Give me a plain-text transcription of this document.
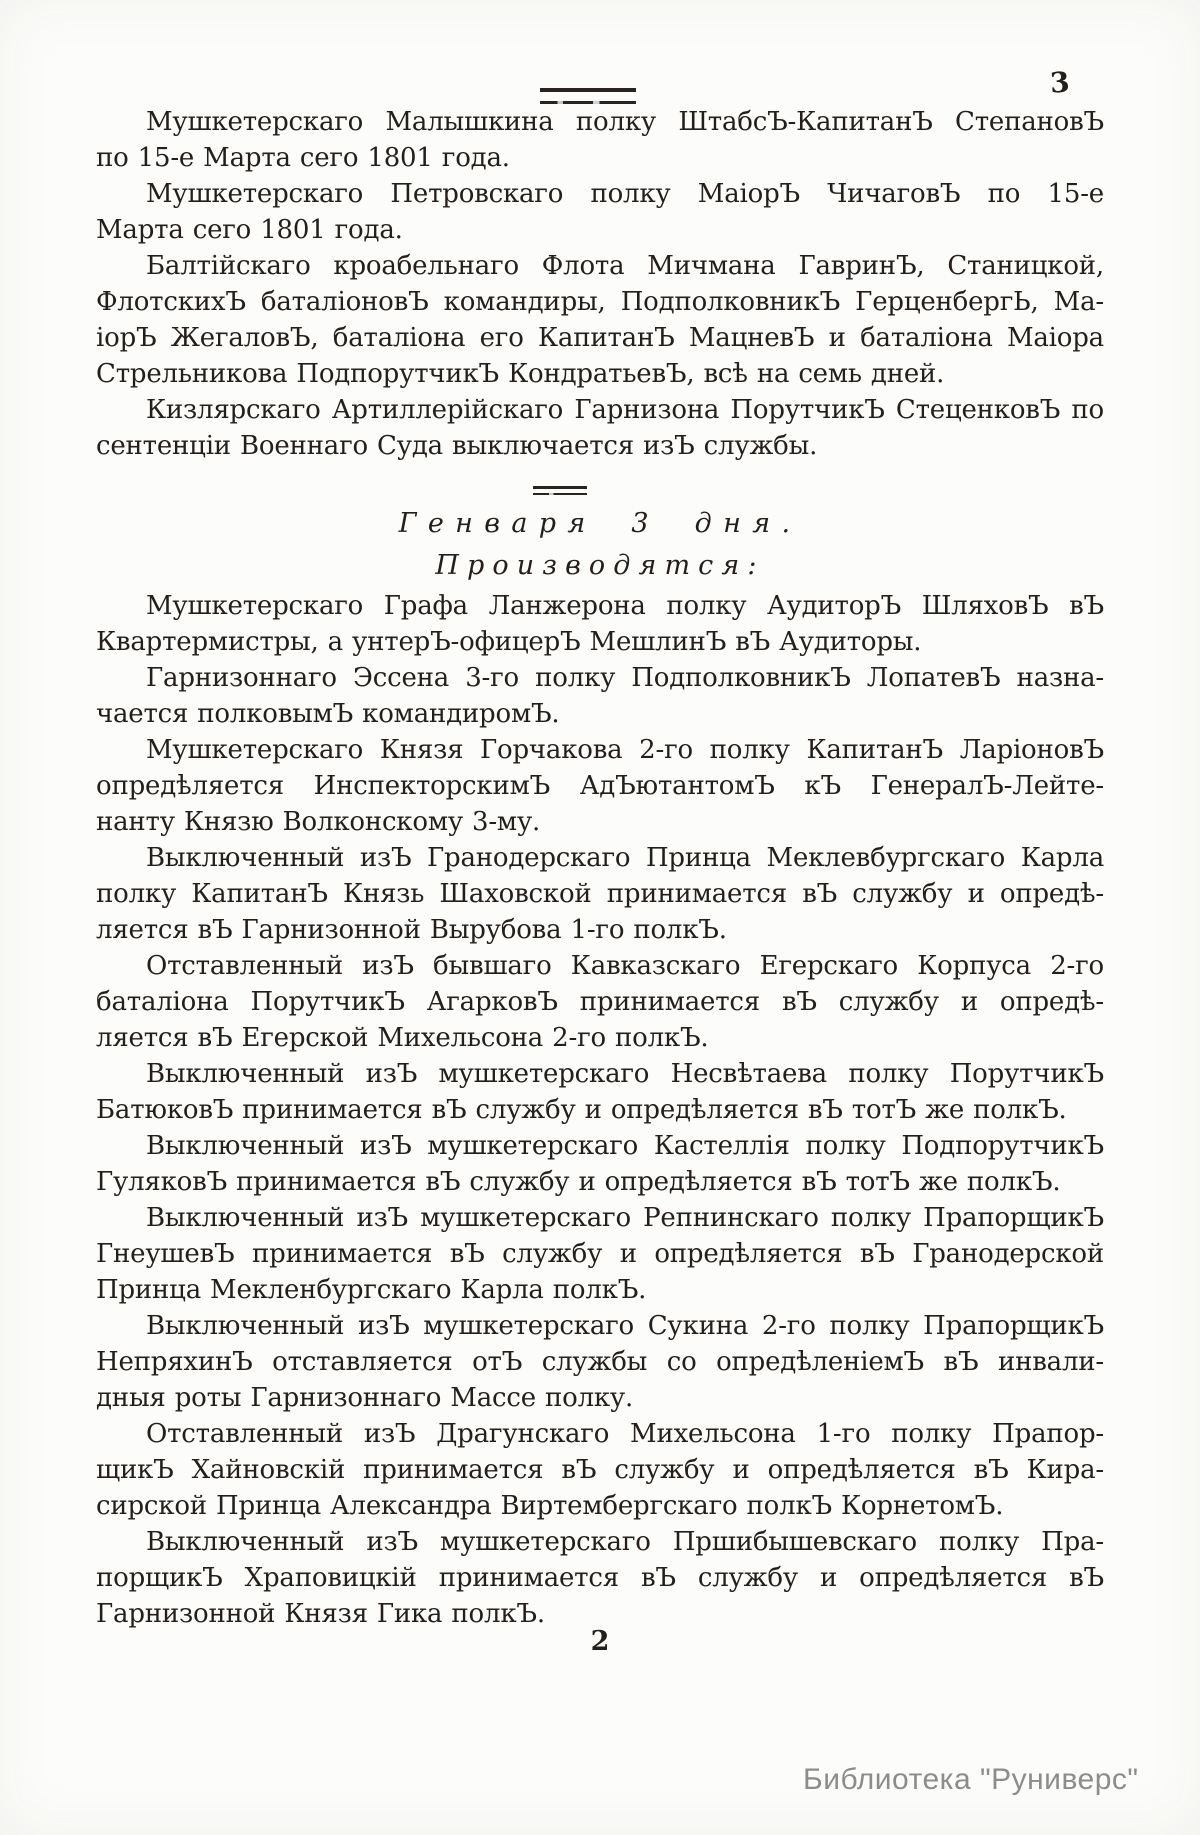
3
Мушкетерскаго Малышкина полку ШтабсЪ-КапитанЪ СтепановЪ
по 15-е Марта сего 1801 года.
Мушкетерскаго Петровскаго полку МаіорЪ ЧичаговЪ по 15-е
Марта сего 1801 года.
Балтійскаго кроабельнаго Флота Мичмана ГавринЪ, Станицкой,
ФлотскихЪ баталіоновЪ командиры, ПодполковникЪ ГерценбергЬ, Ма-
іорЪ ЖегаловЪ, баталіона его КапитанЪ МацневЪ и баталіона Маіора
Стрельникова ПодпорутчикЪ КондратьевЪ, всѣ на семь дней.
Кизлярскаго Артиллерійскаго Гарнизона ПорутчикЪ СтеценковЪ по
сентенціи Военнаго Суда выключается изЪ службы.
Генваря 3 дня.
Производятся:
Мушкетерскаго Графа Ланжерона полку АудиторЪ ШляховЪ вЪ
Квартермистры, а унтерЪ-офицерЪ МешлинЪ вЪ Аудиторы.
Гарнизоннаго Эссена 3-го полку ПодполковникЪ ЛопатевЪ назна-
чается полковымЪ командиромЪ.
Мушкетерскаго Князя Горчакова 2-го полку КапитанЪ ЛаріоновЪ
опредѣляется ИнспекторскимЪ АдЪютантомЪ кЪ ГенералЪ-Лейте-
нанту Князю Волконскому 3-му.
Выключенный изЪ Гранодерскаго Принца Меклевбургскаго Карла
полку КапитанЪ Князь Шаховской принимается вЪ службу и опредѣ-
ляется вЪ Гарнизонной Вырубова 1-го полкЪ.
Отставленный изЪ бывшаго Кавказскаго Егерскаго Корпуса 2-го
баталіона ПорутчикЪ АгарковЪ принимается вЪ службу и опредѣ-
ляется вЪ Егерской Михельсона 2-го полкЪ.
Выключенный изЪ мушкетерскаго Несвѣтаева полку ПорутчикЪ
БатюковЪ принимается вЪ службу и опредѣляется вЪ тотЪ же полкЪ.
Выключенный изЪ мушкетерскаго Кастеллія полку ПодпорутчикЪ
ГуляковЪ принимается вЪ службу и опредѣляется вЪ тотЪ же полкЪ.
Выключенный изЪ мушкетерскаго Репнинскаго полку ПрапорщикЪ
ГнеушевЪ принимается вЪ службу и опредѣляется вЪ Гранодерской
Принца Мекленбургскаго Карла полкЪ.
Выключенный изЪ мушкетерскаго Сукина 2-го полку ПрапорщикЪ
НепряхинЪ отставляется отЪ службы со опредѣленіемЪ вЪ инвали-
дныя роты Гарнизоннаго Массе полку.
Отставленный изЪ Драгунскаго Михельсона 1-го полку Прапор-
щикЪ Хайновскій принимается вЪ службу и опредѣляется вЪ Кира-
сирской Принца Александра Виртембергскаго полкЪ КорнетомЪ.
Выключенный изЪ мушкетерскаго Пршибышевскаго полку Пра-
порщикЪ Храповицкій принимается вЪ службу и опредѣляется вЪ
Гарнизонной Князя Гика полкЪ.
2
Библиотека "Руниверс"
